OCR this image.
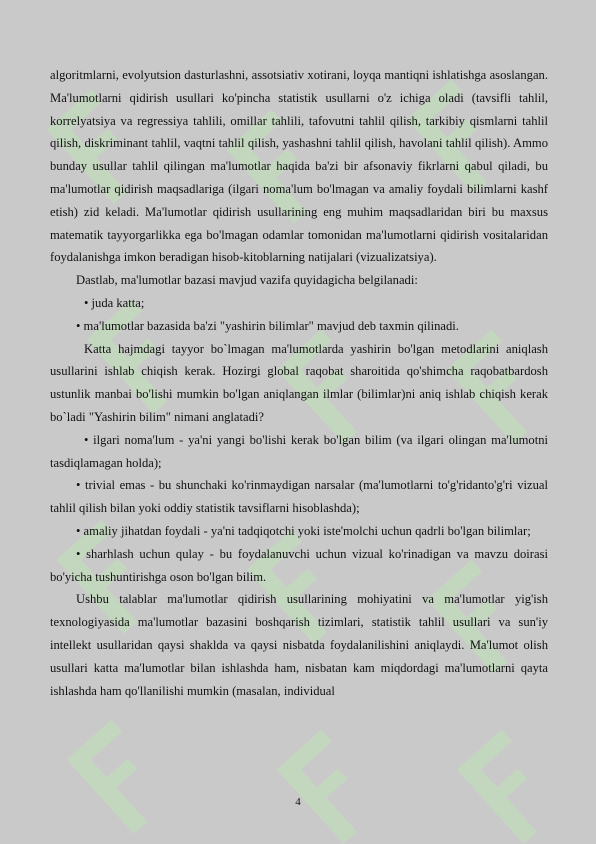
algoritmlarni, evolyutsion dasturlashni, assotsiativ xotirani, loyqa mantiqni ishlatishga asoslangan. Ma'lumotlarni qidirish usullari ko'pincha statistik usullarni o'z ichiga oladi (tavsifli tahlil, korrelyatsiya va regressiya tahlili, omillar tahlili, tafovutni tahlil qilish, tarkibiy qismlarni tahlil qilish, diskriminant tahlil, vaqtni tahlil qilish, yashashni tahlil qilish, havolani tahlil qilish). Ammo bunday usullar tahlil qilingan ma'lumotlar haqida ba'zi bir afsonaviy fikrlarni qabul qiladi, bu ma'lumotlar qidirish maqsadlariga (ilgari noma'lum bo'lmagan va amaliy foydali bilimlarni kashf etish) zid keladi. Ma'lumotlar qidirish usullarining eng muhim maqsadlaridan biri bu maxsus matematik tayyorgarlikka ega bo'lmagan odamlar tomonidan ma'lumotlarni qidirish vositalaridan foydalanishga imkon beradigan hisob-kitoblarning natijalari (vizualizatsiya).

Dastlab, ma'lumotlar bazasi mavjud vazifa quyidagicha belgilanadi:

• juda katta;

• ma'lumotlar bazasida ba'zi "yashirin bilimlar" mavjud deb taxmin qilinadi.

Katta hajmdagi tayyor bo`lmagan ma'lumotlarda yashirin bo'lgan metodlarini aniqlash usullarini ishlab chiqish kerak. Hozirgi global raqobat sharoitida qo'shimcha raqobatbardosh ustunlik manbai bo'lishi mumkin bo'lgan aniqlangan ilmlar (bilimlar)ni aniq ishlab chiqish kerak bo`ladi "Yashirin bilim" nimani anglatadi?

• ilgari noma'lum - ya'ni yangi bo'lishi kerak bo'lgan bilim (va ilgari olingan ma'lumotni tasdiqlamagan holda);

• trivial emas - bu shunchaki ko'rinmaydigan narsalar (ma'lumotlarni to'g'ridanto'g'ri vizual tahlil qilish bilan yoki oddiy statistik tavsiflarni hisoblashda);

• amaliy jihatdan foydali - ya'ni tadqiqotchi yoki iste'molchi uchun qadrli bo'lgan bilimlar;

• sharhlash uchun qulay - bu foydalanuvchi uchun vizual ko'rinadigan va mavzu doirasi bo'yicha tushuntirishga oson bo'lgan bilim.

Ushbu talablar ma'lumotlar qidirish usullarining mohiyatini va ma'lumotlar yig'ish texnologiyasida ma'lumotlar bazasini boshqarish tizimlari, statistik tahlil usullari va sun'iy intellekt usullaridan qaysi shaklda va qaysi nisbatda foydalanilishini aniqlaydi. Ma'lumot olish usullari katta ma'lumotlar bilan ishlashda ham, nisbatan kam miqdordagi ma'lumotlarni qayta ishlashda ham qo'llanilishi mumkin (masalan, individual

4
